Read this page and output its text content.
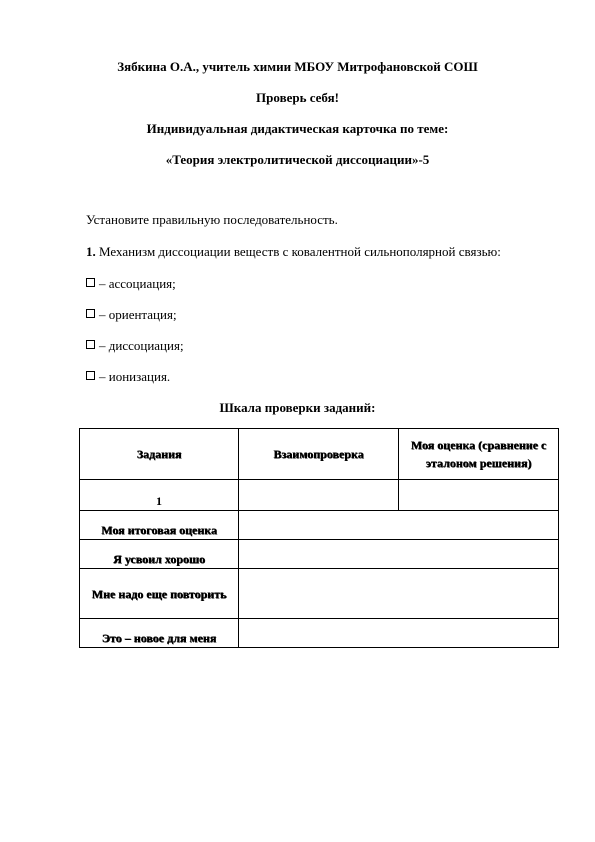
Зябкина О.А., учитель химии МБОУ Митрофановской СОШ
Проверь себя!
Индивидуальная дидактическая карточка по теме:
«Теория электролитической диссоциации»-5
Установите правильную последовательность.
1. Механизм диссоциации веществ с ковалентной сильнополярной связью:
– ассоциация;
– ориентация;
– диссоциация;
– ионизация.
Шкала проверки заданий:
Задания	Взаимопроверка	Моя оценка (сравнение с эталоном решения)
1		
Моя итоговая оценка		
Я усвоил хорошо		
Мне надо еще повторить		
Это – новое для меня		
